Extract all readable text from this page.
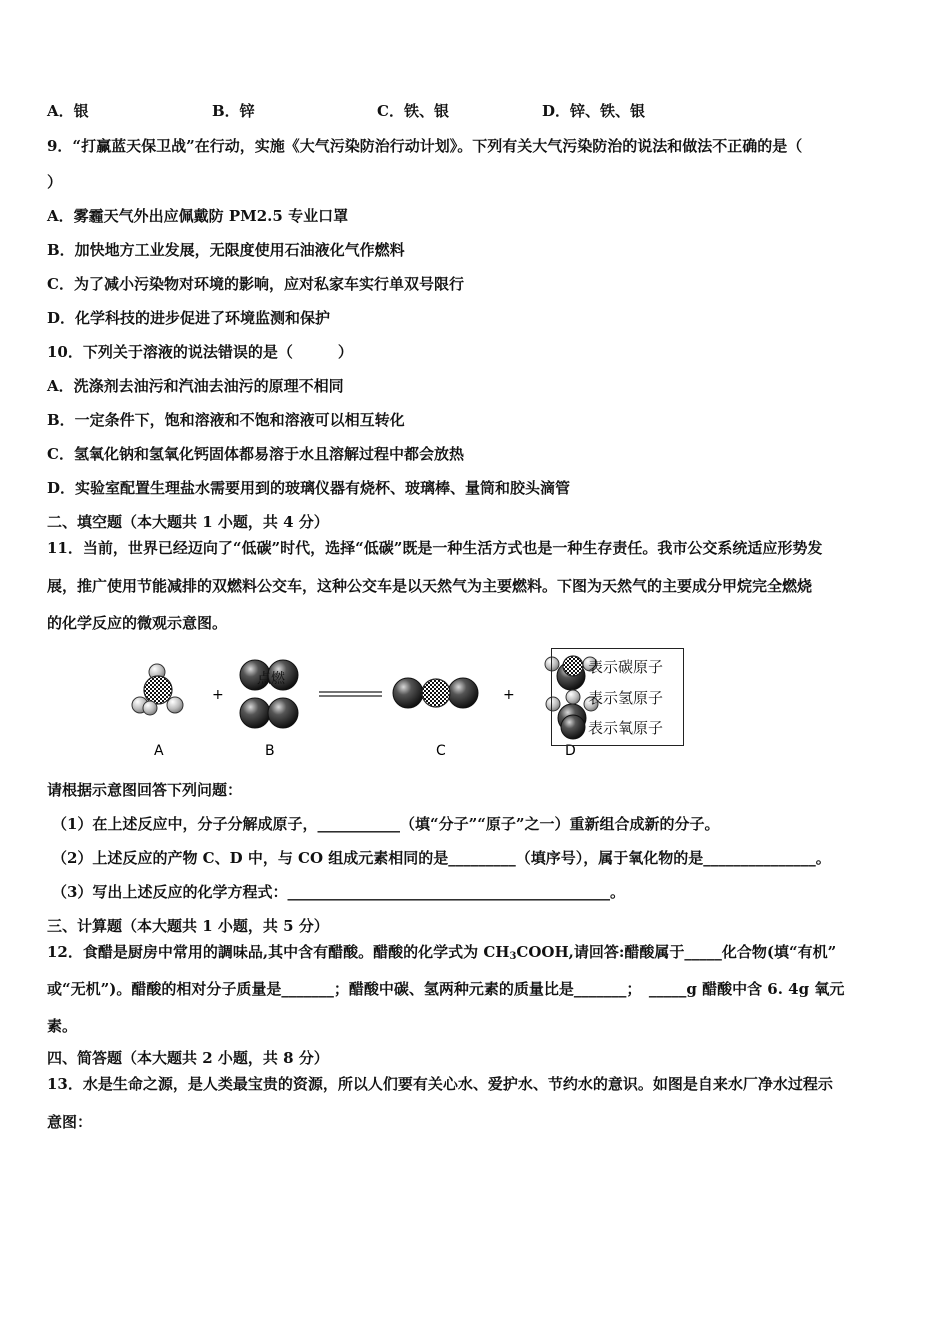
A．银	B．锌	C．铁、银	D．锌、铁、银
9．“打赢蓝天保卫战”在行动，实施《大气污染防治行动计划》。下列有关大气污染防治的说法和做法不正确的是（
）
A．雾霾天气外出应佩戴防 PM2.5 专业口罩
B．加快地方工业发展，无限度使用石油液化气作燃料
C．为了减小污染物对环境的影响，应对私家车实行单双号限行
D．化学科技的进步促进了环境监测和保护
10．下列关于溶液的说法错误的是（　　　）
A．洗涤剂去油污和汽油去油污的原理不相同
B．一定条件下，饱和溶液和不饱和溶液可以相互转化
C．氢氧化钠和氢氧化钙固体都易溶于水且溶解过程中都会放热
D．实验室配置生理盐水需要用到的玻璃仪器有烧杯、玻璃棒、量筒和胶头滴管
二、填空题（本大题共 1 小题，共 4 分）
11．当前，世界已经迈向了“低碳”时代，选择“低碳”既是一种生活方式也是一种生存责任。我市公交系统适应形势发
展，推广使用节能减排的双燃料公交车，这种公交车是以天然气为主要燃料。下图为天然气的主要成分甲烷完全燃烧
的化学反应的微观示意图。
+	+
A	B	C	D
点燃
表示碳原子
表示氢原子
表示氧原子
请根据示意图回答下列问题：
（1）在上述反应中，分子分解成原子，___________（填“分子”“原子”之一）重新组合成新的分子。
（2）上述反应的产物 C、D 中，与 CO 组成元素相同的是_________（填序号），属于氧化物的是_______________。
（3）写出上述反应的化学方程式：___________________________________________。
三、计算题（本大题共 1 小题，共 5 分）
12．食醋是厨房中常用的調味品,其中含有醋酸。醋酸的化学式为 $CH_3COOH$,请回答:醋酸属于_____化合物(填“有机”
或“无机”)。醋酸的相对分子质量是_______；醋酸中碳、氢两种元素的质量比是_______；　_____g 醋酸中含 6. 4g 氧元
素。
四、简答题（本大题共 2 小题，共 8 分）
13．水是生命之源，是人类最宝贵的资源，所以人们要有关心水、爱护水、节约水的意识。如图是自来水厂净水过程示
意图：
